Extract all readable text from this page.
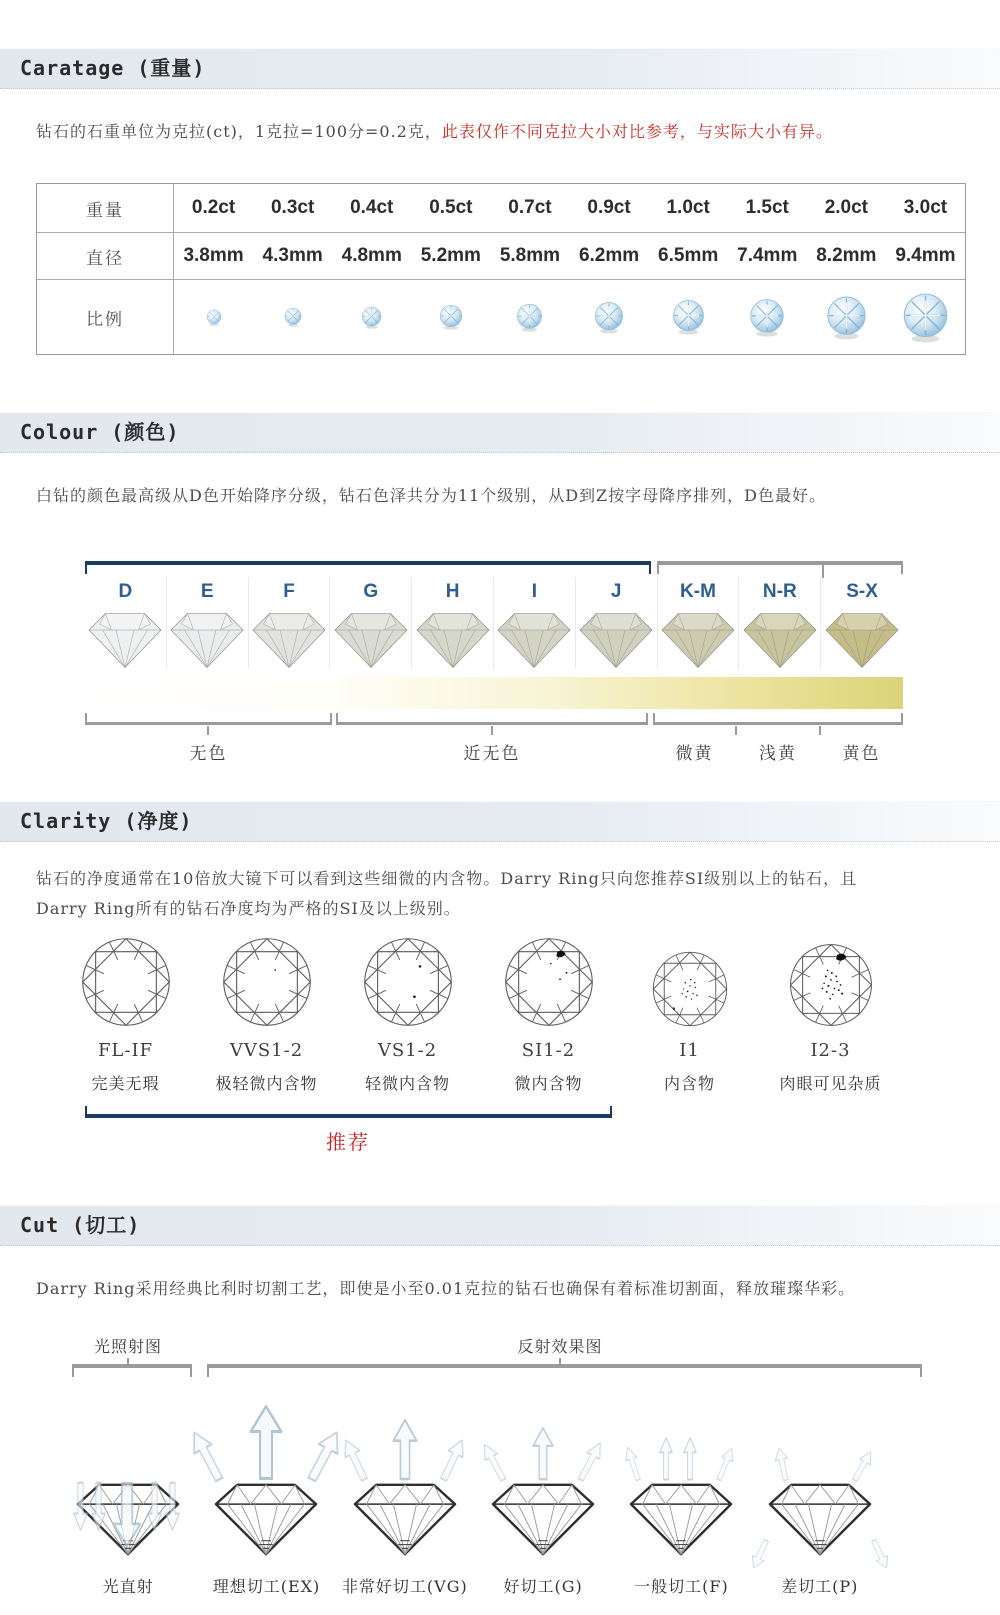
Caratage (重量)

钻石的石重单位为克拉(ct)，1克拉=100分=0.2克，此表仅作不同克拉大小对比参考，与实际大小有异。

重量	0.2ct	0.3ct	0.4ct	0.5ct	0.7ct	0.9ct	1.0ct	1.5ct	2.0ct	3.0ct
直径	3.8mm 4.3mm 4.8mm 5.2mm 5.8mm 6.2mm 6.5mm 7.4mm 8.2mm 9.4mm
比例
Colour (颜色)

白钻的颜色最高级从D色开始降序分级，钻石色泽共分为11个级别，从D到Z按字母降序排列，D色最好。

D	E	F	G	H	I	J	K-M N-R	S-X
无色	近无色	微黄	浅黄	黄色
Clarity (净度)

钻石的净度通常在10倍放大镜下可以看到这些细微的内含物。Darry Ring只向您推荐SI级别以上的钻石，且
Darry Ring所有的钻石净度均为严格的SI及以上级别。

FL-IF
完美无瑕
VVS1-2
极轻微内含物
VS1-2
轻微内含物
SI1-2
微内含物
I1
内含物
I2-3
肉眼可见杂质
推荐
Cut (切工)

Darry Ring采用经典比利时切割工艺，即使是小至0.01克拉的钻石也确保有着标准切割面，释放璀璨华彩。

光照射图	反射效果图
光直射	理想切工(EX) 非常好切工(VG) 好切工(G)	一般切工(F)	差切工(P)
